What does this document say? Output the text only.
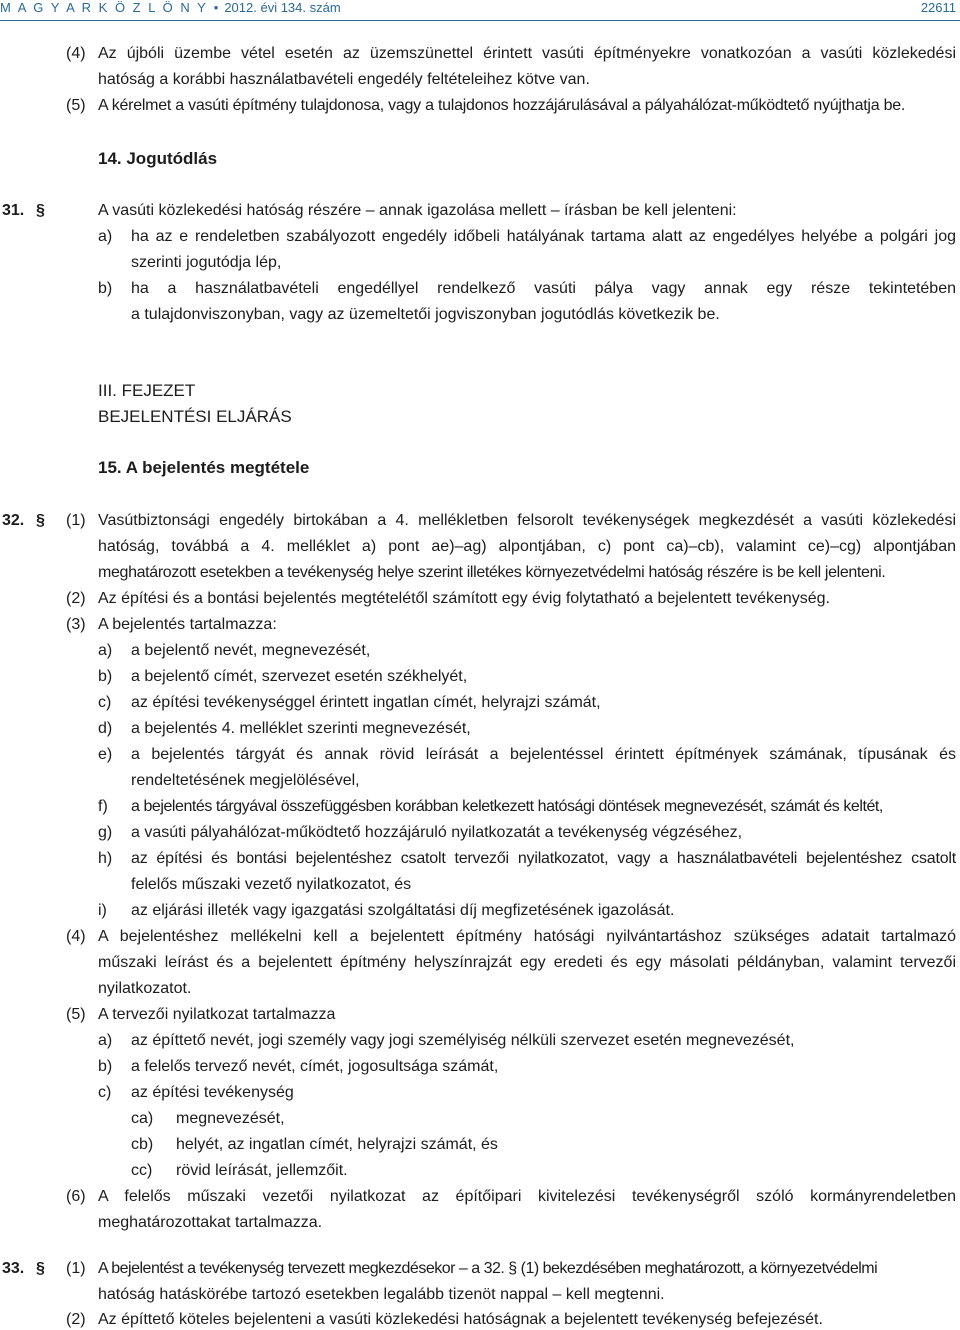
M A G Y A R K Ö Z L Ö N Y • 2012. évi 134. szám	22611
(4) Az újbóli üzembe vétel esetén az üzemszünettel érintett vasúti építményekre vonatkozóan a vasúti közlekedési
hatóság a korábbi használatbavételi engedély feltételeihez kötve van.
(5) A kérelmet a vasúti építmény tulajdonosa, vagy a tulajdonos hozzájárulásával a pályahálózat-működtető nyújthatja be.
14. Jogutódlás
31. §	A vasúti közlekedési hatóság részére – annak igazolása mellett – írásban be kell jelenteni:
a) ha az e rendeletben szabályozott engedély időbeli hatályának tartama alatt az engedélyes helyébe a polgári jog
szerinti jogutódja lép,
b) ha a használatbavételi engedéllyel rendelkező vasúti pálya vagy annak egy része tekintetében
a tulajdonviszonyban, vagy az üzemeltetői jogviszonyban jogutódlás következik be.
III. FEJEZET
BEJELENTÉSI ELJÁRÁS
15. A bejelentés megtétele
32. § (1) Vasútbiztonsági engedély birtokában a 4. mellékletben felsorolt tevékenységek megkezdését a vasúti közlekedési
hatóság, továbbá a 4. melléklet a) pont ae)–ag) alpontjában, c) pont ca)–cb), valamint ce)–cg) alpontjában
meghatározott esetekben a tevékenység helye szerint illetékes környezetvédelmi hatóság részére is be kell jelenteni.
(2) Az építési és a bontási bejelentés megtételétől számított egy évig folytatható a bejelentett tevékenység.
(3) A bejelentés tartalmazza:
a) a bejelentő nevét, megnevezését,
b) a bejelentő címét, szervezet esetén székhelyét,
c) az építési tevékenységgel érintett ingatlan címét, helyrajzi számát,
d) a bejelentés 4. melléklet szerinti megnevezését,
e) a bejelentés tárgyát és annak rövid leírását a bejelentéssel érintett építmények számának, típusának és
rendeltetésének megjelölésével,
f) a bejelentés tárgyával összefüggésben korábban keletkezett hatósági döntések megnevezését, számát és keltét,
g) a vasúti pályahálózat-működtető hozzájáruló nyilatkozatát a tevékenység végzéséhez,
h) az építési és bontási bejelentéshez csatolt tervezői nyilatkozatot, vagy a használatbavételi bejelentéshez csatolt
felelős műszaki vezető nyilatkozatot, és
i) az eljárási illeték vagy igazgatási szolgáltatási díj megfizetésének igazolását.
(4) A bejelentéshez mellékelni kell a bejelentett építmény hatósági nyilvántartáshoz szükséges adatait tartalmazó
műszaki leírást és a bejelentett építmény helyszínrajzát egy eredeti és egy másolati példányban, valamint tervezői
nyilatkozatot.
(5) A tervezői nyilatkozat tartalmazza
a) az építtető nevét, jogi személy vagy jogi személyiség nélküli szervezet esetén megnevezését,
b) a felelős tervező nevét, címét, jogosultsága számát,
c) az építési tevékenység
ca) megnevezését,
cb) helyét, az ingatlan címét, helyrajzi számát, és
cc) rövid leírását, jellemzőit.
(6) A felelős műszaki vezetői nyilatkozat az építőipari kivitelezési tevékenységről szóló kormányrendeletben
meghatározottakat tartalmazza.
33. § (1) A bejelentést a tevékenység tervezett megkezdésekor – a 32. § (1) bekezdésében meghatározott, a környezetvédelmi
hatóság hatáskörébe tartozó esetekben legalább tizenöt nappal – kell megtenni.
(2) Az építtető köteles bejelenteni a vasúti közlekedési hatóságnak a bejelentett tevékenység befejezését.
